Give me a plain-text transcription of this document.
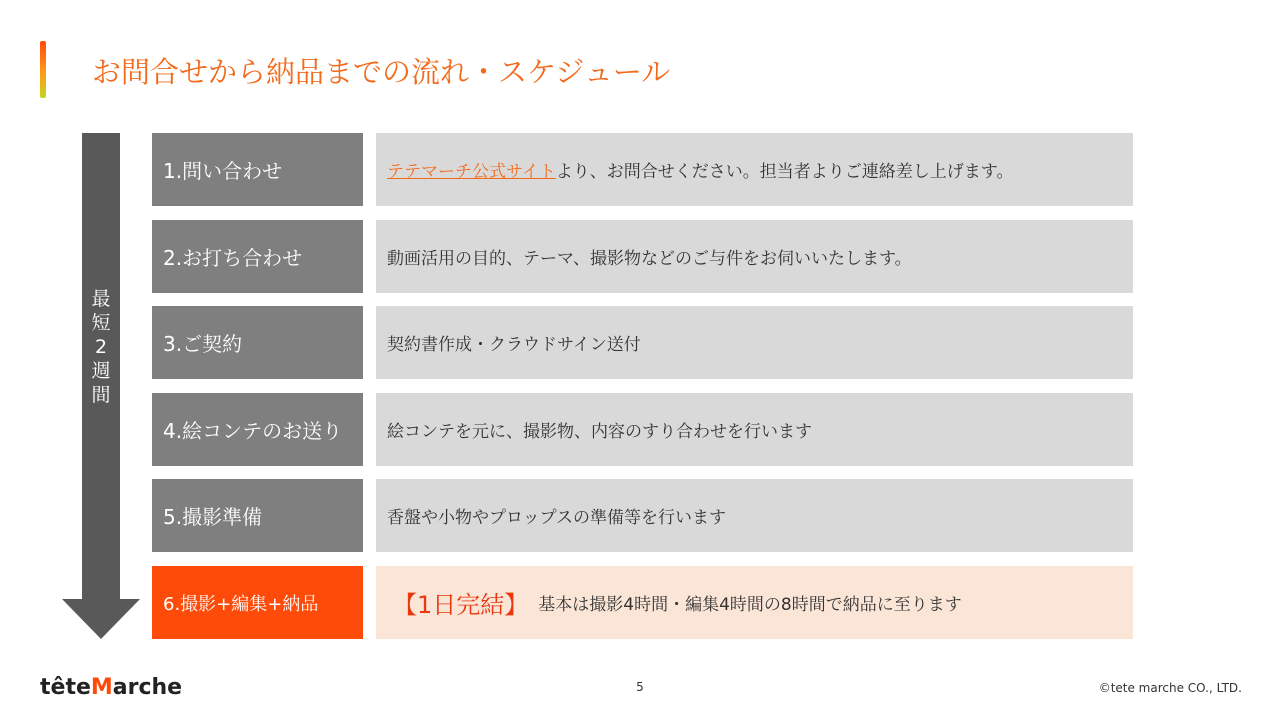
お問合せから納品までの流れ・スケジュール
最
短
2
週
間
1.問い合わせ	テテマーチ公式サイト より、お問合せください。担当者よりご連絡差し上げます。
2.お打ち合わせ	動画活用の目的、テーマ、撮影物などのご与件をお伺いいたします。
3.ご契約	契約書作成・クラウドサイン送付
4.絵コンテのお送り	絵コンテを元に、撮影物、内容のすり合わせを行います
5.撮影準備	香盤や小物やプロップスの準備等を行います
6.撮影+編集+納品	【1日完結】 基本は撮影4時間・編集4時間の8時間で納品に至ります
têteMarche	5	©tete marche CO., LTD.
